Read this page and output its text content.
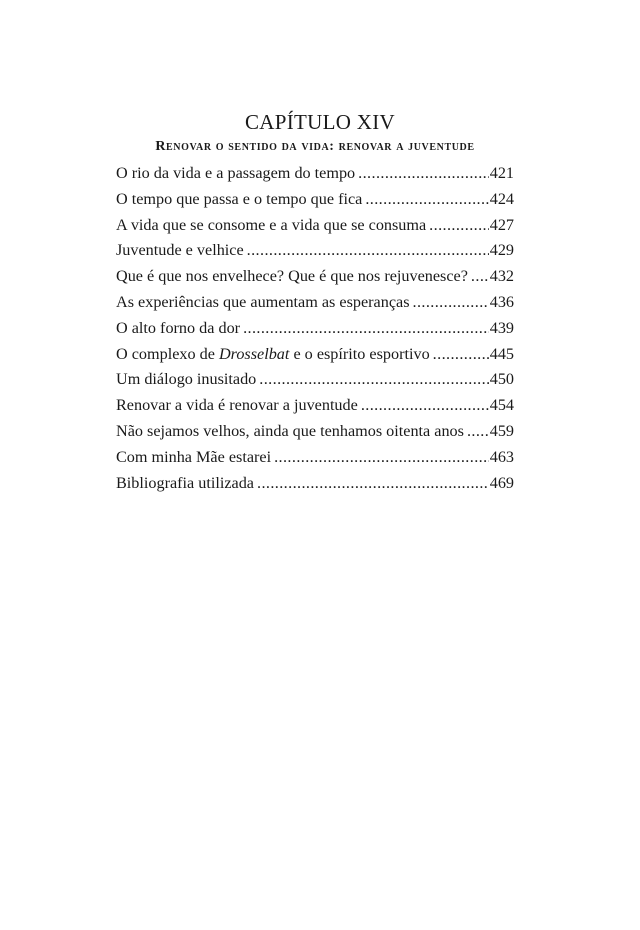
CAPÍTULO XIV
Renovar o sentido da vida: renovar a juventude
O rio da vida e a passagem do tempo .....	421
O tempo que passa e o tempo que fica .....	424
A vida que se consome e a vida que se consuma .....	427
Juventude e velhice .....	429
Que é que nos envelhece? Que é que nos rejuvenesce? ..... 432
As experiências que aumentam as esperanças .....	436
O alto forno da dor .....	439
O complexo de Drosselbat e o espírito esportivo .....	445
Um diálogo inusitado .....	450
Renovar a vida é renovar a juventude .....	454
Não sejamos velhos, ainda que tenhamos oitenta anos ..... 459
Com minha Mãe estarei .....	463
Bibliografia utilizada .....	469
